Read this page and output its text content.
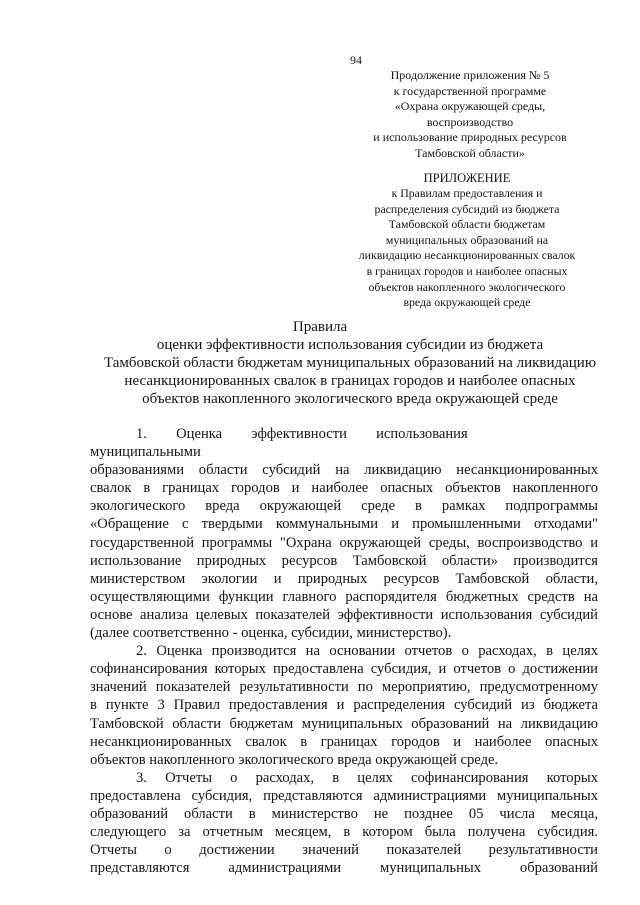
94
Продолжение приложения № 5
к государственной программе
«Охрана окружающей среды,
воспроизводство
и использование природных ресурсов
Тамбовской области»
ПРИЛОЖЕНИЕ
к Правилам предоставления и
распределения субсидий из бюджета
Тамбовской области бюджетам
муниципальных образований на
ликвидацию несанкционированных свалок
в границах городов и наиболее опасных
объектов накопленного экологического
вреда окружающей среде
Правила
оценки эффективности использования субсидии из бюджета
Тамбовской области бюджетам муниципальных образований на ликвидацию
несанкционированных свалок в границах городов и наиболее опасных
объектов накопленного экологического вреда окружающей среде
1.  Оценка  эффективности  использования  муниципальными
образованиями области субсидий на ликвидацию несанкционированных
свалок в границах городов и наиболее опасных объектов накопленного
экологического вреда окружающей среде в рамках подпрограммы
«Обращение с твердыми коммунальными и промышленными отходами"
государственной программы "Охрана окружающей среды, воспроизводство и
использование природных ресурсов Тамбовской области» производится
министерством экологии и природных ресурсов Тамбовской области,
осуществляющими функции главного распорядителя бюджетных средств на
основе анализа целевых показателей эффективности использования субсидий
(далее соответственно - оценка, субсидии, министерство).
2. Оценка производится на основании отчетов о расходах, в целях
софинансирования которых предоставлена субсидия, и отчетов о достижении
значений показателей результативности по мероприятию, предусмотренному
в пункте 3 Правил предоставления и распределения субсидий из бюджета
Тамбовской области бюджетам муниципальных образований на ликвидацию
несанкционированных свалок в границах городов и наиболее опасных
объектов накопленного экологического вреда окружающей среде.
3. Отчеты о расходах, в целях софинансирования которых
предоставлена субсидия, представляются администрациями муниципальных
образований области в министерство не позднее 05 числа месяца,
следующего за отчетным месяцем, в котором была получена субсидия.
Отчеты о достижении значений показателей результативности
представляются администрациями муниципальных образований
